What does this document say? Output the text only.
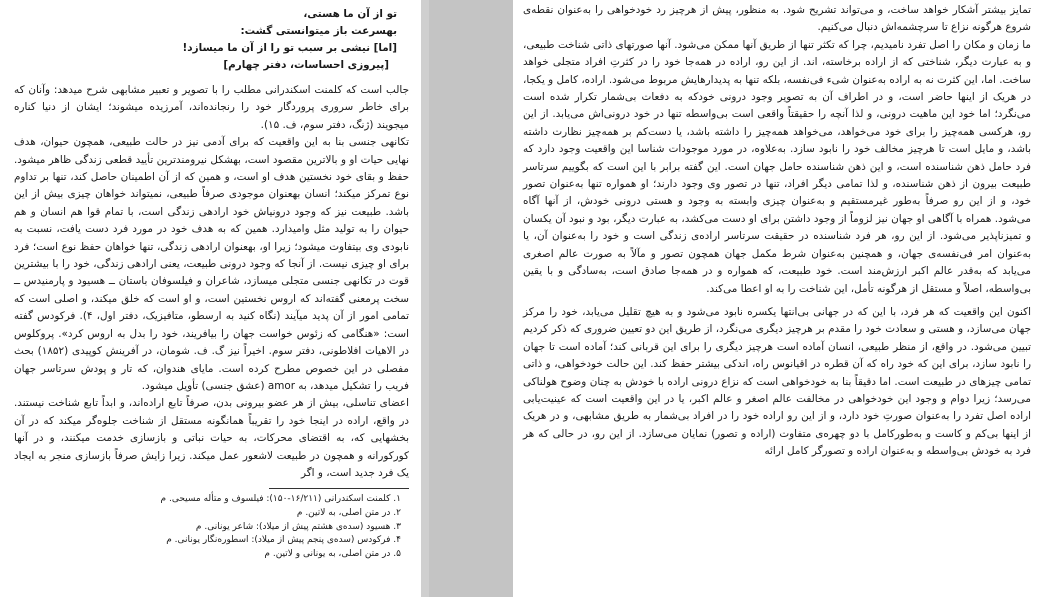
تو از آن ما هستی،
بهسرعت باز میتوانستی گشت:
[اما] نیشی بر سبب تو را از آن ما میسازد!
[پیروزی احساسات، دفتر چهارم]

جالب است که کلمنت اسکندرانی مطلب را با تصویر و تعبیر مشابهی شرح میدهد: وآنان که برای خاطر سروری پروردگار خود را رنجانده‌اند، آمرزیده میشوند؛ ایشان از دنیا کناره میجویند (ژنگ، دفتر سوم، ف. ۱۵).

تکانهی جنسی بنا به این واقعیت که برای آدمی نیز در حالت طبیعی، همچون حیوان، هدف نهایی حیات او و بالاترین مقصود است، بهشکل نیرومندترین تأیید قطعی زندگی ظاهر میشود. حفظ و بقای خود نخستین هدف او است، و همین که از آن اطمینان حاصل کند، تنها بر تداوم نوع تمرکز میکند؛ انسان بهعنوان موجودی صرفاً طبیعی، نمیتواند خواهان چیزی بیش از این باشد. طبیعت نیز که وجود درونیاش خود ارادهی زندگی است، با تمام قوا هم انسان و هم حیوان را به تولید مثل وامیدارد. همین که به هدف خود در مورد فرد دست یافت، نسبت به نابودی وی بیتفاوت میشود؛ زیرا او، بهعنوان ارادهی زندگی، تنها خواهان حفظ نوع است؛ فرد برای او چیزی نیست. از آنجا که وجود درونی طبیعت، یعنی ارادهی زندگی، خود را با بیشترین قوت در تکانهی جنسی متجلی میسازد، شاعران و فیلسوفان باستان ــ هسیود و پارمنیدس ــ سخت پرمعنی گفته‌اند که اروس نخستین است، و او است که خلق میکند، و اصلی است که تمامی امور از آن پدید میآیند (نگاه کنید به ارسطو، متافیزیک، دفتر اول، ۴). فرکودس گفته است: «هنگامی که زئوس خواست جهان را بیافریند، خود را بدل به اروس کرد». پروکلوس در الاهیات افلاطونی، دفتر سوم. اخیراً نیز گ. ف. شومان، در آفرینش کوپیدی (۱۸۵۲) بحث مفصلی در این خصوص مطرح کرده است. مایای هندوان، که تار و پودش سرتاسر جهان فریب را تشکیل میدهد، به amor (عشق جنسی) تأویل میشود.

اعضای تناسلی، بیش از هر عضو بیرونی بدن، صرفاً تابع اراده‌اند، و ابداً تابع شناخت نیستند. در واقع، اراده در اینجا خود را تقریباً همانگونه مستقل از شناخت جلوه‌گر میکند که در آن بخشهایی که، به اقتضای محرکات، به حیات نباتی و بازسازی خدمت میکنند، و در آنها کورکورانه و همچون در طبیعت لاشعور عمل میکند. زیرا زایش صرفاً بازسازی منجر به ایجاد یک فرد جدید است، و اگر

۱. کلمنت اسکندرانی (۱۶/۲۱۱-۱۵۰): فیلسوف و متأله مسیحی. م
۲. در متن اصلی، به لاتین. م
۳. هسیود (سده‌ی هشتم پیش از میلاد): شاعر یونانی. م
۴. فرکودس (سده‌ی پنجم پیش از میلاد): اسطوره‌نگار یونانی. م
۵. در متن اصلی، به یونانی و لاتین. م

تمایز بیشتر آشکار خواهد ساخت، و می‌تواند تشریح شود. به منظور، پیش از هرچیز رد خودخواهی را به‌عنوان نقطه‌ی شروع هرگونه نزاع تا سرچشمه‌اش دنبال می‌کنیم.

ما زمان و مکان را اصل تفرد نامیدیم، چرا که تکثر تنها از طریق آنها ممکن می‌شود. آنها صورتهای ذاتی شناخت طبیعی، و به عبارت دیگر، شناختی که از اراده برخاسته، اند. از این رو، اراده در همه‌جا خود را در کثرتِ افراد متجلی خواهد ساخت. اما، این کثرت نه به اراده به‌عنوان شیء فی‌نفسه، بلکه تنها به پدیدارهایش مربوط می‌شود. اراده، کامل و یکجا، در هریک از اینها حاضر است، و در اطراف آن به تصویر وجود درونی خودکه به دفعات بی‌شمار تکرار شده است می‌نگرد؛ اما خود این ماهیت درونی، و لذا آنچه را حقیقتاً واقعی است بی‌واسطه تنها در خود درونی‌اش می‌یابد. از این رو، هرکسی همه‌چیز را برای خود می‌خواهد، می‌خواهد همه‌چیز را داشته باشد، یا دست‌کم بر همه‌چیز نظارت داشته باشد، و مایل است تا هرچیز مخالف خود را نابود سازد. به‌علاوه، در مورد موجودات شناسا این واقعیت وجود دارد که فرد حامل ذهن شناسنده است، و این ذهن شناسنده حامل جهان است. این گفته برابر با این است که بگوییم سرتاسر طبیعت بیرون از ذهن شناسنده، و لذا تمامی دیگر افراد، تنها در تصور وی وجود دارند؛ او همواره تنها به‌عنوان تصور خود، و از این رو صرفاً به‌طور غیرمستقیم و به‌عنوان چیزی وابسته به وجود و هستی درونی خودش، از آنها آگاه می‌شود. همراه با آگاهی او جهان نیز لزوماً از وجود داشتن برای او دست می‌کشد، به عبارت دیگر، بود و نبود آن یکسان و تمیزناپذیر می‌شود. از این رو، هر فرد شناسنده در حقیقت سرتاسر اراده‌ی زندگی است و خود را به‌عنوان آن، یا به‌عنوان امر فی‌نفسه‌ی جهان، و همچنین به‌عنوان شرط مکمل جهان همچون تصور و مآلاً به صورت عالم اصغری می‌یابد که به‌قدر عالم اکبر ارزش‌مند است. خود طبیعت، که همواره و در همه‌جا صادق است، به‌سادگی و با یقین بی‌واسطه، اصلاً و مستقل از هرگونه تأمل، این شناخت را به او اعطا می‌کند.

اکنون این واقعیت که هر فرد، با این که در جهانی بی‌انتها یکسره نابود می‌شود و به هیچ تقلیل می‌یابد، خود را مرکز جهان می‌سازد، و هستی و سعادت خود را مقدم بر هرچیز دیگری می‌نگرد، از طریق این دو تعیین ضروری که ذکر کردیم تبیین می‌شود. در واقع، از منظر طبیعی، انسان آماده است هرچیز دیگری را برای این قربانی کند؛ آماده است تا جهان را نابود سازد، برای این که خود راه که آن قطره در اقیانوس راه، اندکی بیشتر حفظ کند. این حالت خودخواهی، و ذاتی تمامی چیزهای در طبیعت است. اما دقیقاً بنا به خودخواهی است که نزاع درونی اراده با خودش به چنان وضوح هولناکی می‌رسد؛ زیرا دوام و وجود این خودخواهی در مخالفت عالم اصغر و عالم اکبر، یا در این واقعیت است که عینیت‌یابی اراده اصل تفرد را به‌عنوان صورتِ خود دارد، و از این رو اراده خود را در افراد بی‌شمار به طریق مشابهی، و در هریک از اینها بی‌کم و کاست و به‌طورکامل با دو چهره‌ی متفاوت (اراده و تصور) نمایان می‌سازد. از این رو، در حالی که هر فرد به خودش بی‌واسطه و به‌عنوان اراده و تصورگر کامل ارائه
